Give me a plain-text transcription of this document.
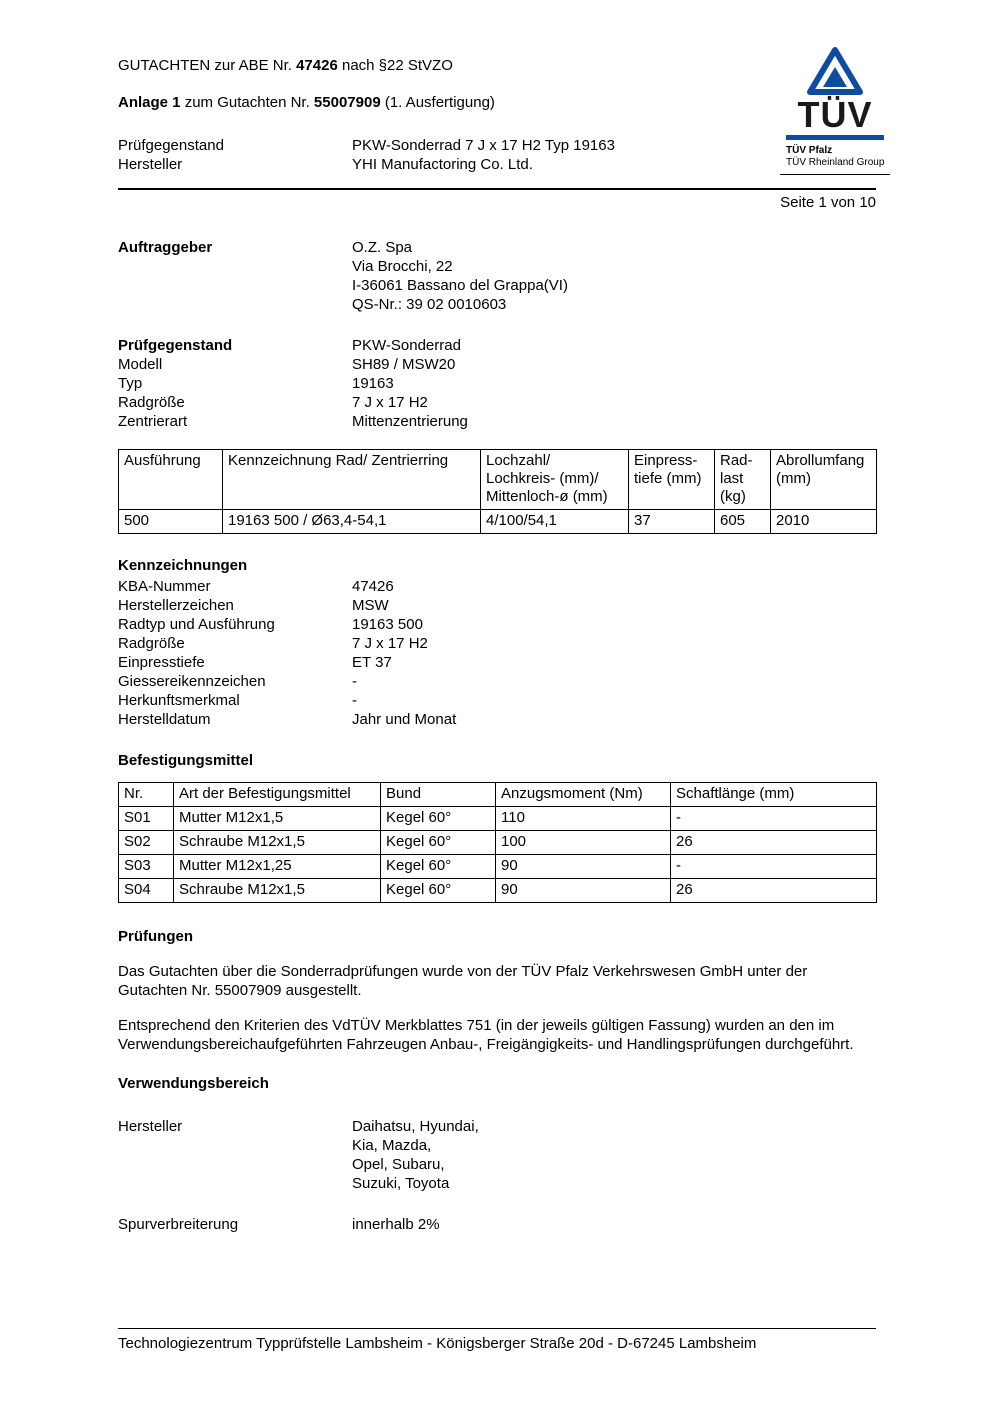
TÜV
TÜV Pfalz
TÜV Rheinland Group
GUTACHTEN zur ABE Nr. 47426 nach §22 StVZO
Anlage 1 zum Gutachten Nr. 55007909 (1. Ausfertigung)
Prüfgegenstand	PKW-Sonderrad 7 J x 17 H2 Typ 19163
Hersteller	YHI Manufactoring Co. Ltd.
Seite 1 von 10
Auftraggeber	O.Z. Spa
Via Brocchi, 22
I-36061 Bassano del Grappa(VI)
QS-Nr.: 39 02 0010603
Prüfgegenstand	PKW-Sonderrad
Modell	SH89 / MSW20
Typ	19163
Radgröße	7 J x 17 H2
Zentrierart	Mittenzentrierung
Ausführung	Kennzeichnung Rad/ Zentrierring	Lochzahl/ Lochkreis- (mm)/ Mittenloch-ø (mm)	Einpress- tiefe (mm)	Rad- last (kg)	Abrollumfang (mm)
500	19163 500 / Ø63,4-54,1	4/100/54,1	37	605	2010
Kennzeichnungen
KBA-Nummer	47426
Herstellerzeichen	MSW
Radtyp und Ausführung	19163 500
Radgröße	7 J x 17 H2
Einpresstiefe	ET 37
Giessereikennzeichen	-
Herkunftsmerkmal	-
Herstelldatum	Jahr und Monat
Befestigungsmittel
Nr.	Art der Befestigungsmittel	Bund	Anzugsmoment (Nm)	Schaftlänge (mm)
S01	Mutter M12x1,5	Kegel 60°	110	-
S02	Schraube M12x1,5	Kegel 60°	100	26
S03	Mutter M12x1,25	Kegel 60°	90	-
S04	Schraube M12x1,5	Kegel 60°	90	26
Prüfungen
Das Gutachten über die Sonderradprüfungen wurde von der TÜV Pfalz Verkehrswesen GmbH unter der Gutachten Nr. 55007909 ausgestellt.
Entsprechend den Kriterien des VdTÜV Merkblattes 751 (in der jeweils gültigen Fassung) wurden an den im Verwendungsbereichaufgeführten Fahrzeugen Anbau-, Freigängigkeits- und Handlingsprüfungen durchgeführt.
Verwendungsbereich
Hersteller	Daihatsu, Hyundai,
Kia, Mazda,
Opel, Subaru,
Suzuki, Toyota
Spurverbreiterung	innerhalb 2%
Technologiezentrum Typprüfstelle Lambsheim - Königsberger Straße 20d - D-67245 Lambsheim
